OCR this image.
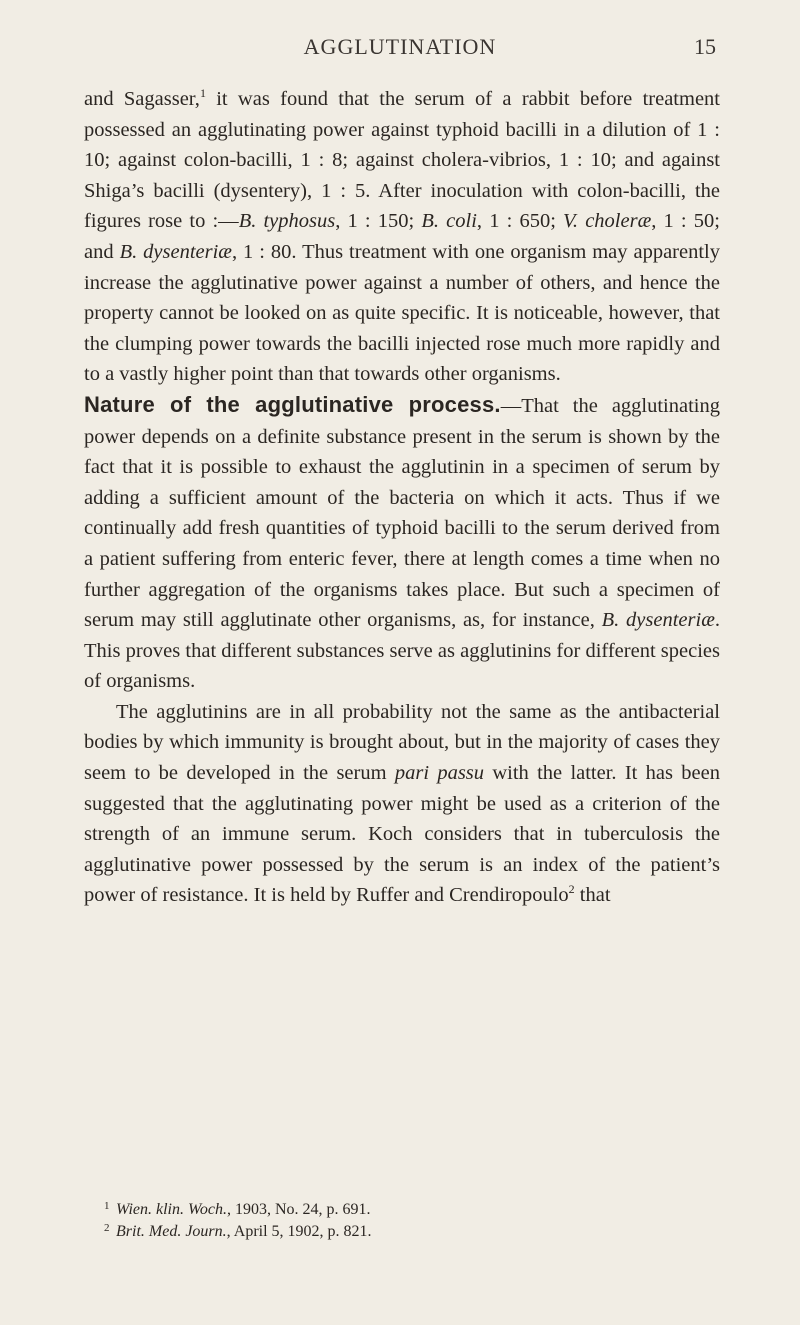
AGGLUTINATION	15

and Sagasser,$^1$ it was found that the serum of a rabbit before treatment possessed an agglutinating power against typhoid bacilli in a dilution of 1 : 10; against colon-bacilli, 1 : 8; against cholera-vibrios, 1 : 10; and against Shiga’s bacilli (dysentery), 1 : 5. After inoculation with colon-bacilli, the figures rose to :—B. typhosus, 1 : 150; B. coli, 1 : 650; V. choleræ, 1 : 50; and B. dysenteriæ, 1 : 80. Thus treatment with one organism may apparently increase the agglutinative power against a number of others, and hence the property cannot be looked on as quite specific. It is noticeable, however, that the clumping power towards the bacilli injected rose much more rapidly and to a vastly higher point than that towards other organisms.

Nature of the agglutinative process.—That the agglutinating power depends on a definite substance present in the serum is shown by the fact that it is possible to exhaust the agglutinin in a specimen of serum by adding a sufficient amount of the bacteria on which it acts. Thus if we continually add fresh quantities of typhoid bacilli to the serum derived from a patient suffering from enteric fever, there at length comes a time when no further aggregation of the organisms takes place. But such a specimen of serum may still agglutinate other organisms, as, for instance, B. dysenteriæ. This proves that different substances serve as agglutinins for different species of organisms.

The agglutinins are in all probability not the same as the antibacterial bodies by which immunity is brought about, but in the majority of cases they seem to be developed in the serum pari passu with the latter. It has been suggested that the agglutinating power might be used as a criterion of the strength of an immune serum. Koch considers that in tuberculosis the agglutinative power possessed by the serum is an index of the patient’s power of resistance. It is held by Ruffer and Crendiropoulo$^2$ that

1 Wien. klin. Woch., 1903, No. 24, p. 691.

2 Brit. Med. Journ., April 5, 1902, p. 821.
